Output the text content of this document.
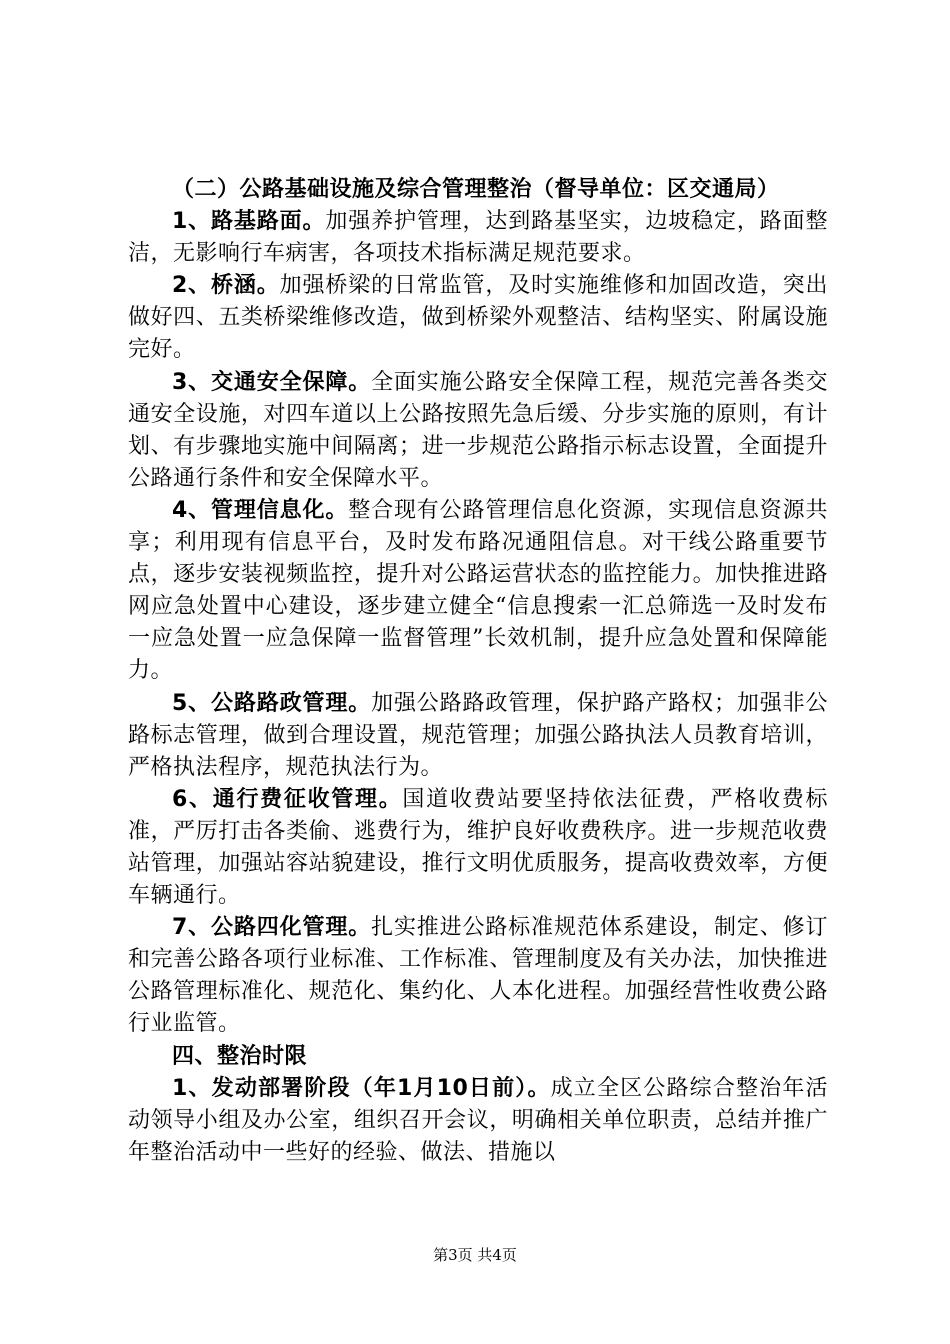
（二）公路基础设施及综合管理整治（督导单位：区交通局）

1、路基路面。加强养护管理，达到路基坚实，边坡稳定，路面整洁，无影响行车病害，各项技术指标满足规范要求。

2、桥涵。加强桥梁的日常监管，及时实施维修和加固改造，突出做好四、五类桥梁维修改造，做到桥梁外观整洁、结构坚实、附属设施完好。

3、交通安全保障。全面实施公路安全保障工程，规范完善各类交通安全设施，对四车道以上公路按照先急后缓、分步实施的原则，有计划、有步骤地实施中间隔离；进一步规范公路指示标志设置，全面提升公路通行条件和安全保障水平。

4、管理信息化。整合现有公路管理信息化资源，实现信息资源共享；利用现有信息平台，及时发布路况通阻信息。对干线公路重要节点，逐步安装视频监控，提升对公路运营状态的监控能力。加快推进路网应急处置中心建设，逐步建立健全“信息搜索一汇总筛选一及时发布一应急处置一应急保障一监督管理”长效机制，提升应急处置和保障能力。

5、公路路政管理。加强公路路政管理，保护路产路权；加强非公路标志管理，做到合理设置，规范管理；加强公路执法人员教育培训，严格执法程序，规范执法行为。

6、通行费征收管理。国道收费站要坚持依法征费，严格收费标准，严厉打击各类偷、逃费行为，维护良好收费秩序。进一步规范收费站管理，加强站容站貌建设，推行文明优质服务，提高收费效率，方便车辆通行。

7、公路四化管理。扎实推进公路标准规范体系建设，制定、修订和完善公路各项行业标准、工作标准、管理制度及有关办法，加快推进公路管理标准化、规范化、集约化、人本化进程。加强经营性收费公路行业监管。

四、整治时限

1、发动部署阶段（年1月10日前）。成立全区公路综合整治年活动领导小组及办公室，组织召开会议，明确相关单位职责，总结并推广年整治活动中一些好的经验、做法、措施以

第3页 共4页
